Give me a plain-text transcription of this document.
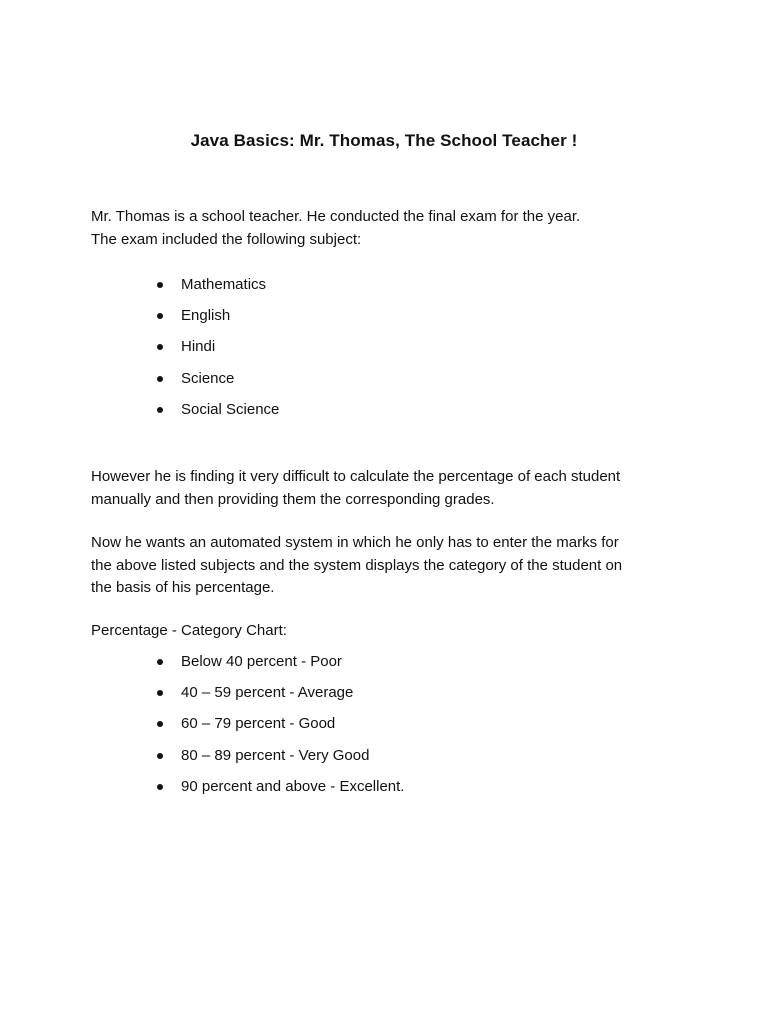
Java Basics: Mr. Thomas, The School Teacher !

Mr. Thomas is a school teacher. He conducted the final exam for the year.
The exam included the following subject:

Mathematics
English
Hindi
Science
Social Science

However he is finding it very difficult to calculate the percentage of each student
manually and then providing them the corresponding grades.

Now he wants an automated system in which he only has to enter the marks for
the above listed subjects and the system displays the category of the student on
the basis of his percentage.

Percentage - Category Chart:

Below 40 percent - Poor
40 – 59 percent - Average
60 – 79 percent - Good
80 – 89 percent - Very Good
90 percent and above - Excellent.
